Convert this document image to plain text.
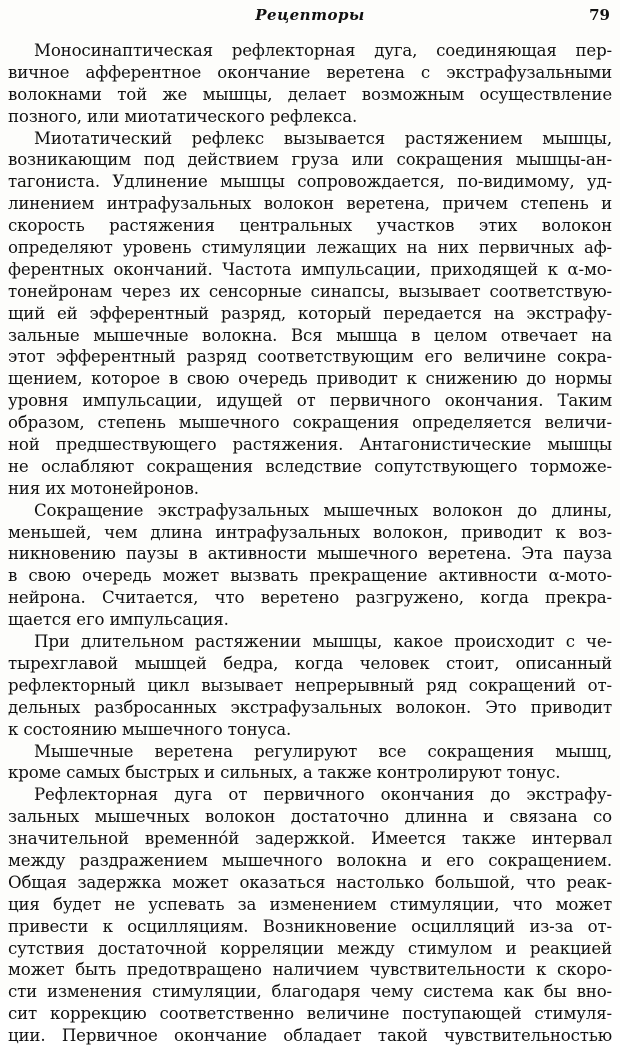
Рецепторы	79
Моносинаптическая рефлекторная дуга, соединяющая пер-
вичное афферентное окончание веретена с экстрафузальными
волокнами той же мышцы, делает возможным осуществление
позного, или миотатического рефлекса.
Миотатический рефлекс вызывается растяжением мышцы,
возникающим под действием груза или сокращения мышцы-ан-
тагониста. Удлинение мышцы сопровождается, по-видимому, уд-
линением интрафузальных волокон веретена, причем степень и
скорость растяжения центральных участков этих волокон
определяют уровень стимуляции лежащих на них первичных аф-
ферентных окончаний. Частота импульсации, приходящей к α-мо-
тонейронам через их сенсорные синапсы, вызывает соответствую-
щий ей эфферентный разряд, который передается на экстрафу-
зальные мышечные волокна. Вся мышца в целом отвечает на
этот эфферентный разряд соответствующим его величине сокра-
щением, которое в свою очередь приводит к снижению до нормы
уровня импульсации, идущей от первичного окончания. Таким
образом, степень мышечного сокращения определяется величи-
ной предшествующего растяжения. Антагонистические мышцы
не ослабляют сокращения вследствие сопутствующего торможе-
ния их мотонейронов.
Сокращение экстрафузальных мышечных волокон до длины,
меньшей, чем длина интрафузальных волокон, приводит к воз-
никновению паузы в активности мышечного веретена. Эта пауза
в свою очередь может вызвать прекращение активности α-мото-
нейрона. Считается, что веретено разгружено, когда прекра-
щается его импульсация.
При длительном растяжении мышцы, какое происходит с че-
тырехглавой мышцей бедра, когда человек стоит, описанный
рефлекторный цикл вызывает непрерывный ряд сокращений от-
дельных разбросанных экстрафузальных волокон. Это приводит
к состоянию мышечного тонуса.
Мышечные веретена регулируют все сокращения мышц,
кроме самых быстрых и сильных, а также контролируют тонус.
Рефлекторная дуга от первичного окончания до экстрафу-
зальных мышечных волокон достаточно длинна и связана со
значительной временно́й задержкой. Имеется также интервал
между раздражением мышечного волокна и его сокращением.
Общая задержка может оказаться настолько большой, что реак-
ция будет не успевать за изменением стимуляции, что может
привести к осцилляциям. Возникновение осцилляций из-за от-
сутствия достаточной корреляции между стимулом и реакцией
может быть предотвращено наличием чувствительности к скоро-
сти изменения стимуляции, благодаря чему система как бы вно-
сит коррекцию соответственно величине поступающей стимуля-
ции. Первичное окончание обладает такой чувствительностью
